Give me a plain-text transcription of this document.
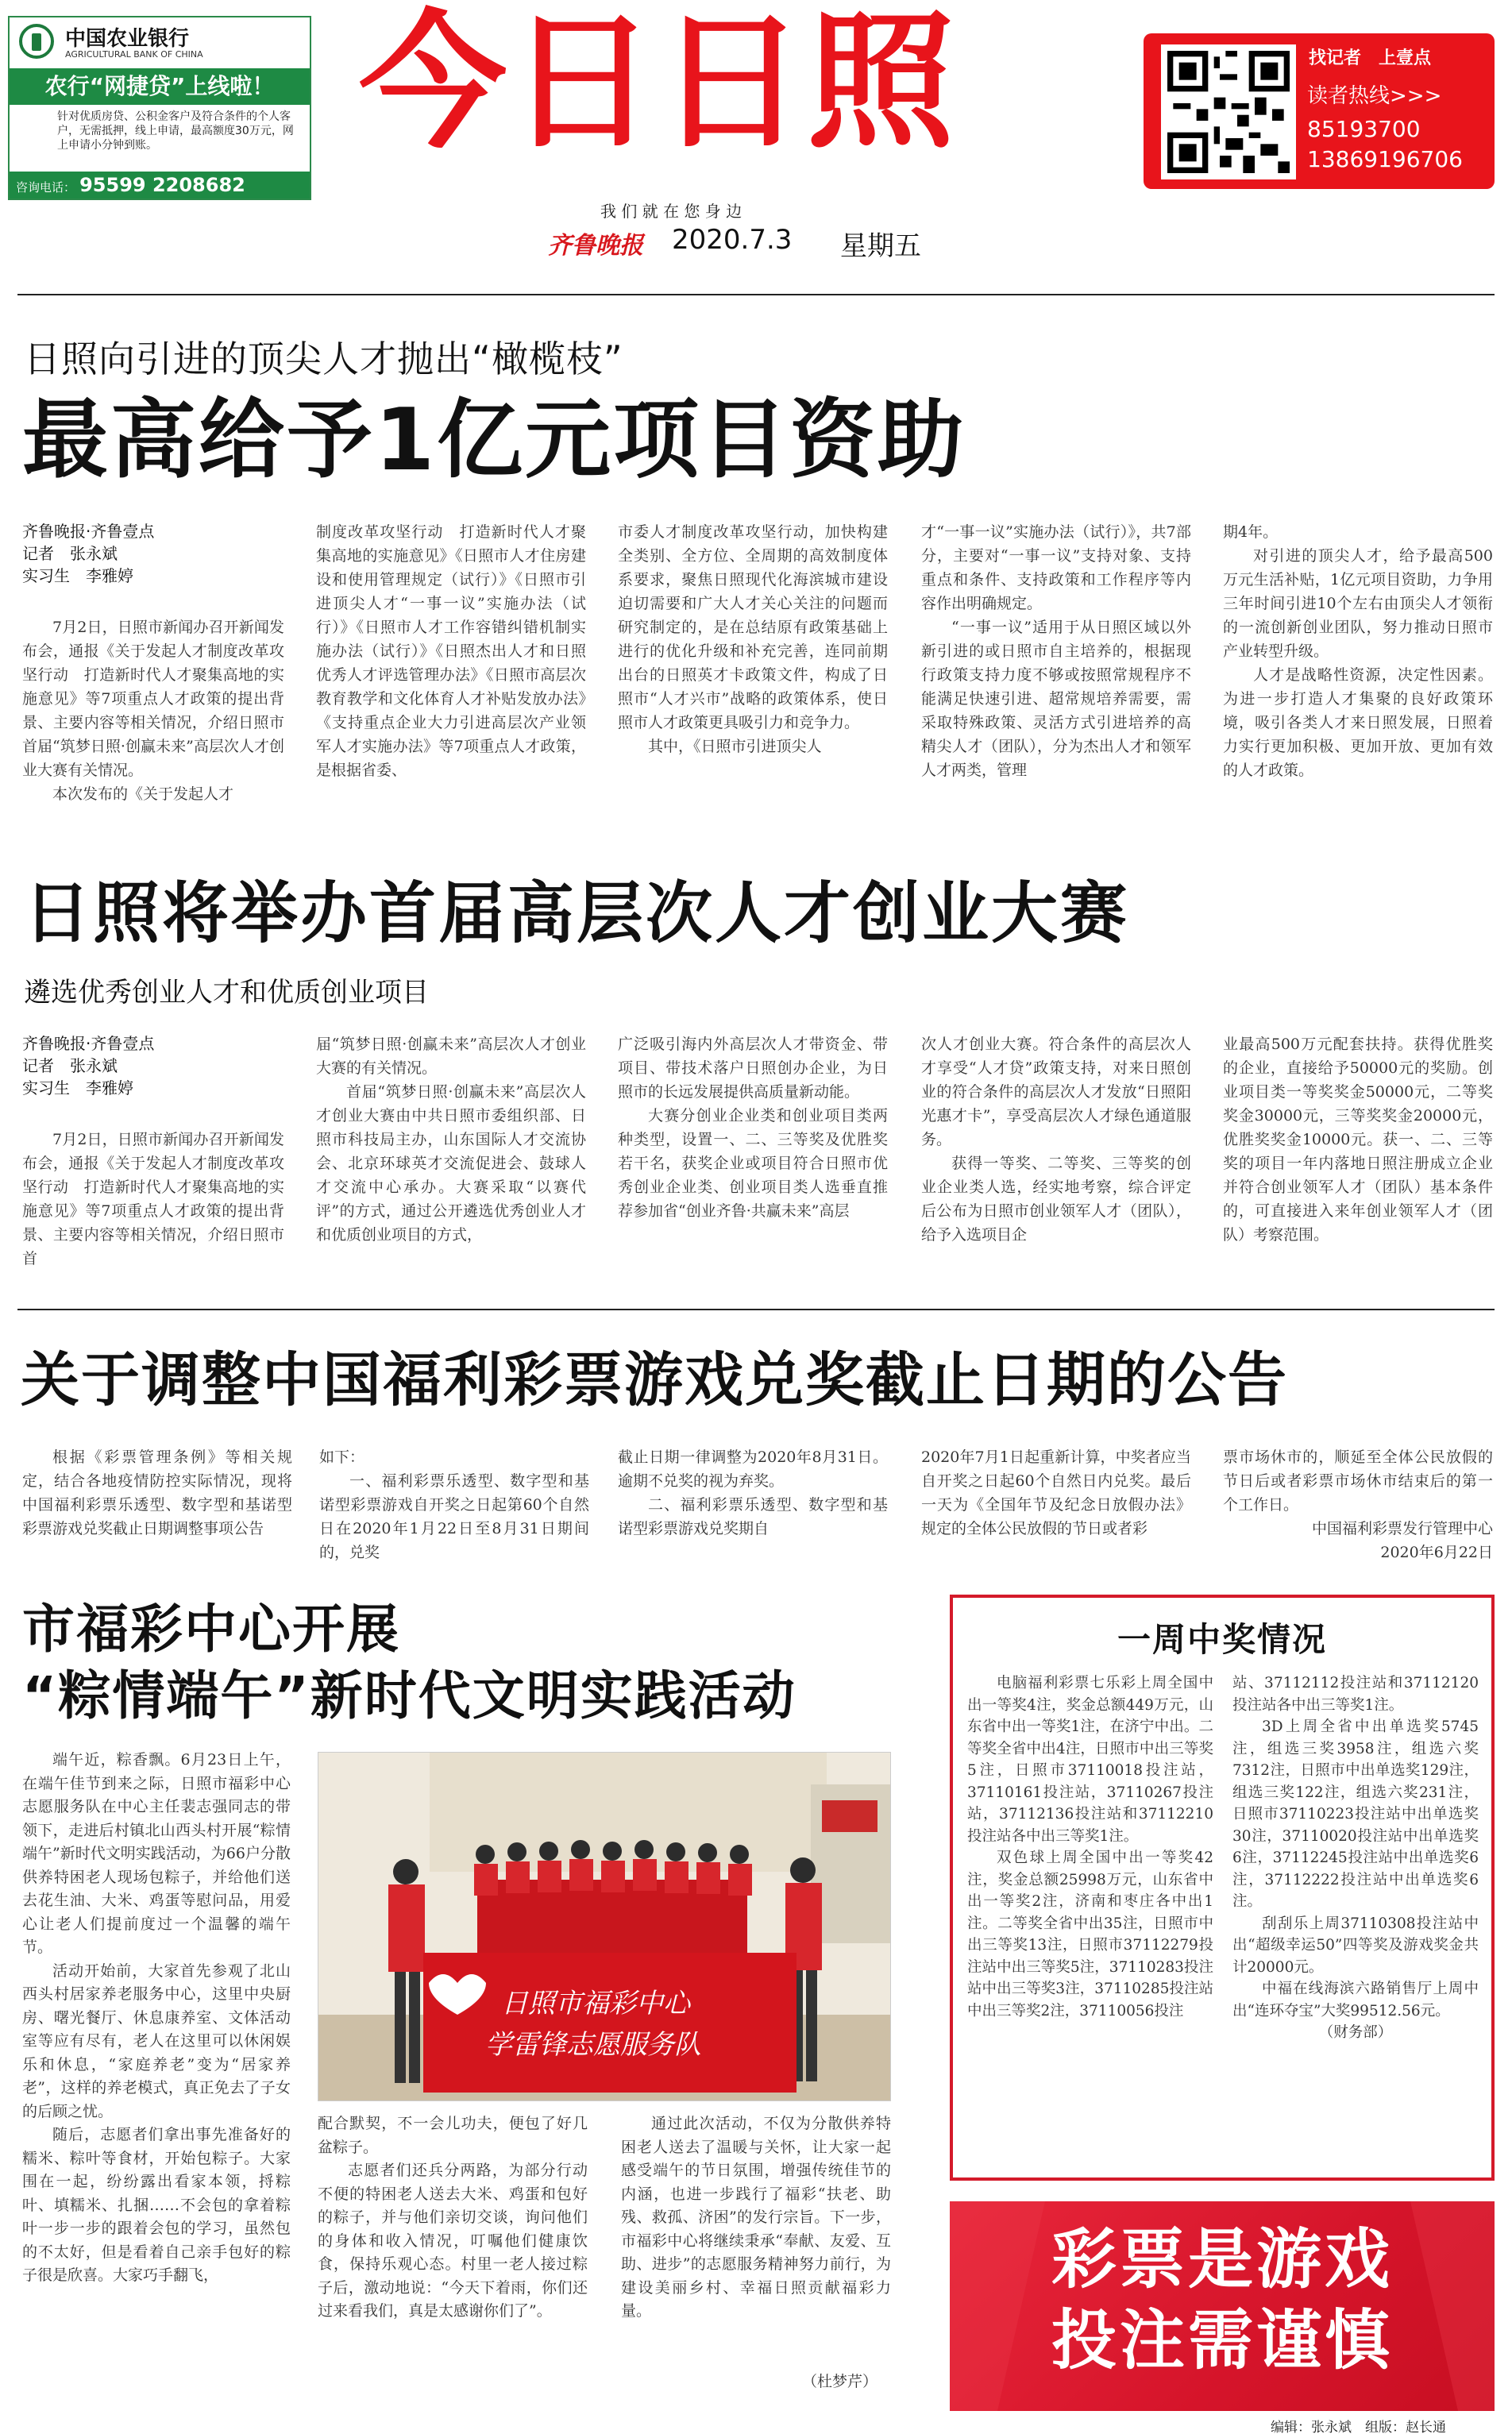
中国农业银行
AGRICULTURAL BANK OF CHINA
农行“网捷贷”上线啦！
针对优质房贷、公积金客户及符合条件的个人客户，无需抵押，线上申请，最高额度30万元，网上申请小分钟到账。
咨询电话： 95599 2208682
今日日照
我 们 就 在 您 身 边
齐鲁晚报 2020.7.3 星期五
找记者　上壹点
读者热线>>>
85193700
13869196706
日照向引进的顶尖人才抛出“橄榄枝”
最高给予1亿元项目资助
齐鲁晚报·齐鲁壹点
记者　张永斌
实习生　李雅婷

7月2日，日照市新闻办召开新闻发布会，通报《关于发起人才制度改革攻坚行动　打造新时代人才聚集高地的实施意见》等7项重点人才政策的提出背景、主要内容等相关情况，介绍日照市首届“筑梦日照·创赢未来”高层次人才创业大赛有关情况。

本次发布的《关于发起人才

制度改革攻坚行动　打造新时代人才聚集高地的实施意见》《日照市人才住房建设和使用管理规定（试行）》《日照市引进顶尖人才“一事一议”实施办法（试行）》《日照市人才工作容错纠错机制实施办法（试行）》《日照杰出人才和日照优秀人才评选管理办法》《日照市高层次教育教学和文化体育人才补贴发放办法》《支持重点企业大力引进高层次产业领军人才实施办法》等7项重点人才政策，是根据省委、

市委人才制度改革攻坚行动，加快构建全类别、全方位、全周期的高效制度体系要求，聚焦日照现代化海滨城市建设迫切需要和广大人才关心关注的问题而研究制定的，是在总结原有政策基础上进行的优化升级和补充完善，连同前期出台的日照英才卡政策文件，构成了日照市“人才兴市”战略的政策体系，使日照市人才政策更具吸引力和竞争力。

其中，《日照市引进顶尖人

才“一事一议”实施办法（试行）》，共7部分，主要对“一事一议”支持对象、支持重点和条件、支持政策和工作程序等内容作出明确规定。

“一事一议”适用于从日照区域以外新引进的或日照市自主培养的，根据现行政策支持力度不够或按照常规程序不能满足快速引进、超常规培养需要，需采取特殊政策、灵活方式引进培养的高精尖人才（团队），分为杰出人才和领军人才两类，管理

期4年。

对引进的顶尖人才，给予最高500万元生活补贴，1亿元项目资助，力争用三年时间引进10个左右由顶尖人才领衔的一流创新创业团队，努力推动日照市产业转型升级。

人才是战略性资源，决定性因素。为进一步打造人才集聚的良好政策环境，吸引各类人才来日照发展，日照着力实行更加积极、更加开放、更加有效的人才政策。

日照将举办首届高层次人才创业大赛
遴选优秀创业人才和优质创业项目
齐鲁晚报·齐鲁壹点
记者　张永斌
实习生　李雅婷

7月2日，日照市新闻办召开新闻发布会，通报《关于发起人才制度改革攻坚行动　打造新时代人才聚集高地的实施意见》等7项重点人才政策的提出背景、主要内容等相关情况，介绍日照市首

届“筑梦日照·创赢未来”高层次人才创业大赛的有关情况。

首届“筑梦日照·创赢未来”高层次人才创业大赛由中共日照市委组织部、日照市科技局主办，山东国际人才交流协会、北京环球英才交流促进会、鼓球人才交流中心承办。大赛采取“以赛代评”的方式，通过公开遴选优秀创业人才和优质创业项目的方式，

广泛吸引海内外高层次人才带资金、带项目、带技术落户日照创办企业，为日照市的长远发展提供高质量新动能。

大赛分创业企业类和创业项目类两种类型，设置一、二、三等奖及优胜奖若干名，获奖企业或项目符合日照市优秀创业企业类、创业项目类人选垂直推荐参加省“创业齐鲁·共赢未来”高层

次人才创业大赛。符合条件的高层次人才享受“人才贷”政策支持，对来日照创业的符合条件的高层次人才发放“日照阳光惠才卡”，享受高层次人才绿色通道服务。

获得一等奖、二等奖、三等奖的创业企业类人选，经实地考察，综合评定后公布为日照市创业领军人才（团队），给予入选项目企

业最高500万元配套扶持。获得优胜奖的企业，直接给予50000元的奖励。创业项目类一等奖奖金50000元，二等奖奖金30000元，三等奖奖金20000元，优胜奖奖金10000元。获一、二、三等奖的项目一年内落地日照注册成立企业并符合创业领军人才（团队）基本条件的，可直接进入来年创业领军人才（团队）考察范围。

关于调整中国福利彩票游戏兑奖截止日期的公告

根据《彩票管理条例》等相关规定，结合各地疫情防控实际情况，现将中国福利彩票乐透型、数字型和基诺型彩票游戏兑奖截止日期调整事项公告

如下：

一、福利彩票乐透型、数字型和基诺型彩票游戏自开奖之日起第60个自然日在2020年1月22日至8月31日期间的，兑奖

截止日期一律调整为2020年8月31日。逾期不兑奖的视为弃奖。

二、福利彩票乐透型、数字型和基诺型彩票游戏兑奖期自

2020年7月1日起重新计算，中奖者应当自开奖之日起60个自然日内兑奖。最后一天为《全国年节及纪念日放假办法》规定的全体公民放假的节日或者彩

票市场休市的，顺延至全体公民放假的节日后或者彩票市场休市结束后的第一个工作日。

中国福利彩票发行管理中心

2020年6月22日

市福彩中心开展
“粽情端午”新时代文明实践活动

端午近，粽香飘。6月23日上午，在端午佳节到来之际，日照市福彩中心志愿服务队在中心主任裴志强同志的带领下，走进后村镇北山西头村开展“粽情端午”新时代文明实践活动，为66户分散供养特困老人现场包粽子，并给他们送去花生油、大米、鸡蛋等慰问品，用爱心让老人们提前度过一个温馨的端午节。

活动开始前，大家首先参观了北山西头村居家养老服务中心，这里中央厨房、曙光餐厅、休息康养室、文体活动室等应有尽有，老人在这里可以休闲娱乐和休息，“家庭养老”变为“居家养老”，这样的养老模式，真正免去了子女的后顾之忧。

随后，志愿者们拿出事先准备好的糯米、粽叶等食材，开始包粽子。大家围在一起，纷纷露出看家本领，捋粽叶、填糯米、扎捆……不会包的拿着粽叶一步一步的跟着会包的学习，虽然包的不太好，但是看着自己亲手包好的粽子很是欣喜。大家巧手翻飞，

日照市福彩中心
学雷锋志愿服务队

配合默契，不一会儿功夫，便包了好几盆粽子。

志愿者们还兵分两路，为部分行动不便的特困老人送去大米、鸡蛋和包好的粽子，并与他们亲切交谈，询问他们的身体和收入情况，叮嘱他们健康饮食，保持乐观心态。村里一老人接过粽子后，激动地说：“今天下着雨，你们还过来看我们，真是太感谢你们了”。

通过此次活动，不仅为分散供养特困老人送去了温暖与关怀，让大家一起感受端午的节日氛围，增强传统佳节的内涵，也进一步践行了福彩“扶老、助残、救孤、济困”的发行宗旨。下一步，市福彩中心将继续秉承“奉献、友爱、互助、进步”的志愿服务精神努力前行，为建设美丽乡村、幸福日照贡献福彩力量。

（杜梦芹）
一周中奖情况

电脑福利彩票七乐彩上周全国中出一等奖4注，奖金总额449万元，山东省中出一等奖1注，在济宁中出。二等奖全省中出4注，日照市中出三等奖5注，日照市37110018投注站，37110161投注站，37110267投注站，37112136投注站和37112210投注站各中出三等奖1注。

双色球上周全国中出一等奖42注，奖金总额25998万元，山东省中出一等奖2注，济南和枣庄各中出1注。二等奖全省中出35注，日照市中出三等奖13注，日照市37112279投注站中出三等奖5注，37110283投注站中出三等奖3注，37110285投注站中出三等奖2注，37110056投注

站、37112112投注站和37112120投注站各中出三等奖1注。

3D上周全省中出单选奖5745注，组选三奖3958注，组选六奖7312注，日照市中出单选奖129注，组选三奖122注，组选六奖231注，日照市37110223投注站中出单选奖30注，37110020投注站中出单选奖6注，37112245投注站中出单选奖6注，37112222投注站中出单选奖6注。

刮刮乐上周37110308投注站中出“超级幸运50”四等奖及游戏奖金共计20000元。

中福在线海滨六路销售厅上周中出“连环夺宝”大奖99512.56元。

（财务部）

彩票是游戏
投注需谨慎
编辑：张永斌　组版：赵长通
